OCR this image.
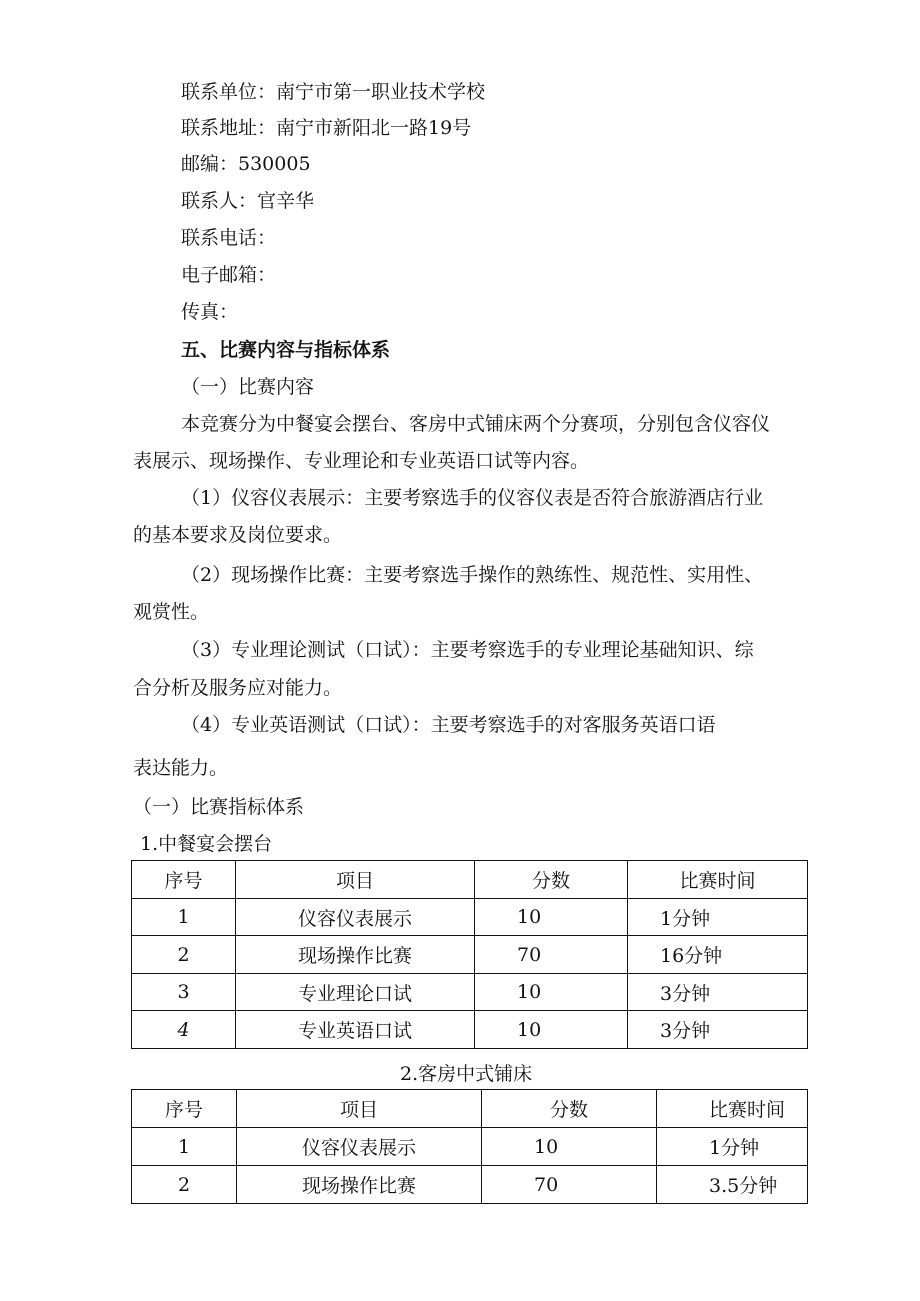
联系单位：南宁市第一职业技术学校
联系地址：南宁市新阳北一路19号
邮编：530005
联系人：官辛华
联系电话：
电子邮箱：
传真：
五、比赛内容与指标体系
（一）比赛内容
本竞赛分为中餐宴会摆台、客房中式铺床两个分赛项，分别包含仪容仪
表展示、现场操作、专业理论和专业英语口试等内容。
（1）仪容仪表展示：主要考察选手的仪容仪表是否符合旅游酒店行业
的基本要求及岗位要求。
（2）现场操作比赛：主要考察选手操作的熟练性、规范性、实用性、
观赏性。
（3）专业理论测试（口试）：主要考察选手的专业理论基础知识、综
合分析及服务应对能力。
（4）专业英语测试（口试）：主要考察选手的对客服务英语口语
表达能力。
（一）比赛指标体系
1.中餐宴会摆台
序号	项目	分数	比赛时间
1	仪容仪表展示	10	1分钟
2	现场操作比赛	70	16分钟
3	专业理论口试	10	3分钟
4	专业英语口试	10	3分钟
2.客房中式铺床
序号	项目	分数	比赛时间
1	仪容仪表展示	10	1分钟
2	现场操作比赛	70	3.5分钟
